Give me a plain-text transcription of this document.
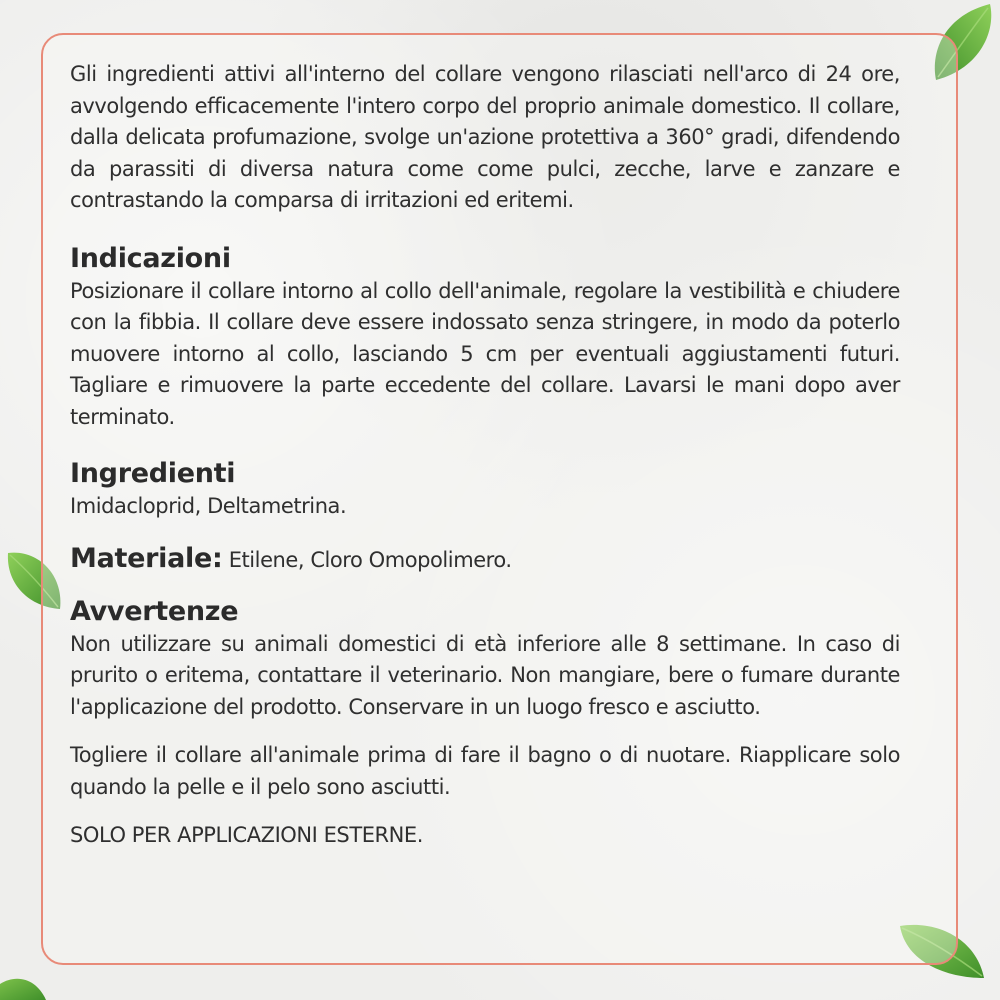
Gli ingredienti attivi all'interno del collare vengono rilasciati nell'arco di 24 ore, avvolgendo efficacemente l'intero corpo del proprio animale domestico. Il collare, dalla delicata profumazione, svolge un'azione protettiva a 360° gradi, difendendo da parassiti di diversa natura come come pulci, zecche, larve e zanzare e contrastando la comparsa di irritazioni ed eritemi.

Indicazioni

Posizionare il collare intorno al collo dell'animale, regolare la vestibilità e chiudere con la fibbia. Il collare deve essere indossato senza stringere, in modo da poterlo muovere intorno al collo, lasciando 5 cm per eventuali aggiustamenti futuri. Tagliare e rimuovere la parte eccedente del collare. Lavarsi le mani dopo aver terminato.

Ingredienti

Imidacloprid, Deltametrina.

Materiale: Etilene, Cloro Omopolimero.
Avvertenze

Non utilizzare su animali domestici di età inferiore alle 8 settimane. In caso di prurito o eritema, contattare il veterinario. Non mangiare, bere o fumare durante l'applicazione del prodotto. Conservare in un luogo fresco e asciutto.

Togliere il collare all'animale prima di fare il bagno o di nuotare. Riapplicare solo quando la pelle e il pelo sono asciutti.

SOLO PER APPLICAZIONI ESTERNE.
